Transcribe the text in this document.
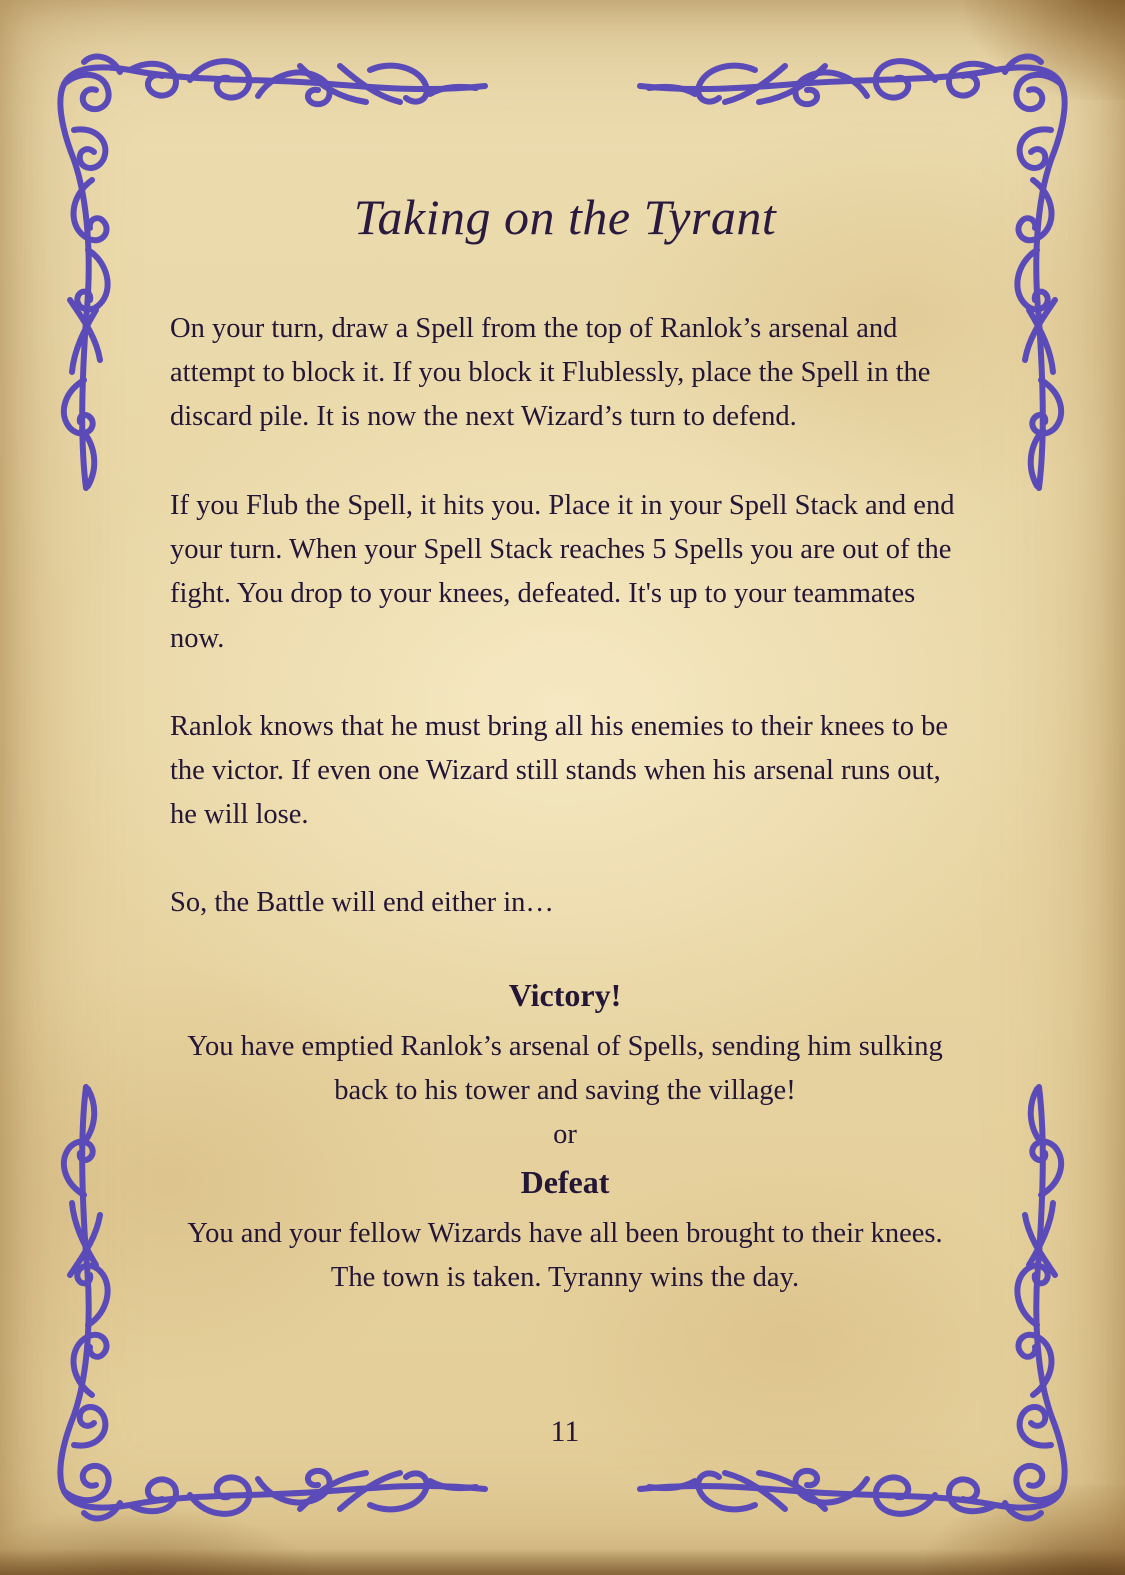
Taking on the Tyrant

On your turn, draw a Spell from the top of Ranlok’s arsenal and attempt to block it. If you block it Flublessly, place the Spell in the discard pile. It is now the next Wizard’s turn to defend.

If you Flub the Spell, it hits you. Place it in your Spell Stack and end your turn. When your Spell Stack reaches 5 Spells you are out of the fight. You drop to your knees, defeated. It's up to your teammates now.

Ranlok knows that he must bring all his enemies to their knees to be the victor. If even one Wizard still stands when his arsenal runs out, he will lose.

So, the Battle will end either in…

Victory!

You have emptied Ranlok’s arsenal of Spells, sending him sulking back to his tower and saving the village!

or

Defeat

You and your fellow Wizards have all been brought to their knees. The town is taken. Tyranny wins the day.

11
